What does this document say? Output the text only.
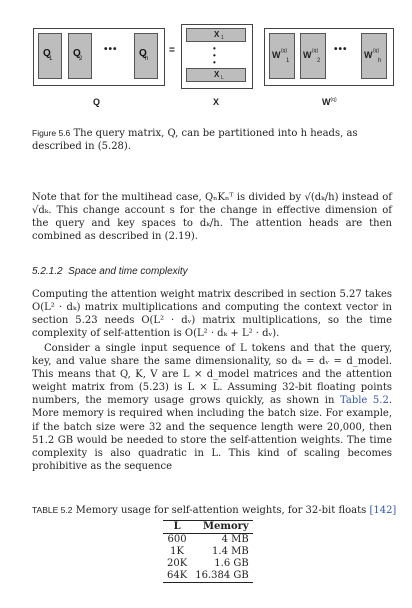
Q
1 Q
2
••• Q
h
=
X 1
•
•
•
X L
W (q)
1
W (q)
2
••• W (q)
h
Q	X	$W^{(q)}$
Figure 5.6 The query matrix, Q, can be partitioned into h heads, as described in (5.28).
Note that for the multihead case, QₙKₙᵀ is divided by √(dₖ/h) instead of √dₖ. This change account s for the change in effective dimension of the query and key spaces to dₖ/h. The attention heads are then combined as described in (2.19).
5.2.1.2 Space and time complexity
Computing the attention weight matrix described in section 5.27 takes O(L² · dₖ) matrix multiplications and computing the context vector in section 5.23 needs O(L² · dᵥ) matrix multiplications, so the time complexity of self-attention is O(L² · dₖ + L² · dᵥ).
Consider a single input sequence of L tokens and that the query, key, and value share the same dimensionality, so dₖ = dᵥ = d_model. This means that Q, K, V are L × d_model matrices and the attention weight matrix from (5.23) is L × L. Assuming 32-bit floating points numbers, the memory usage grows quickly, as shown in Table 5.2. More memory is required when including the batch size. For example, if the batch size were 32 and the sequence length were 20,000, then 51.2 GB would be needed to store the self-attention weights. The time complexity is also quadratic in L. This kind of scaling becomes prohibitive as the sequence
TABLE 5.2 Memory usage for self-attention weights, for 32-bit floats [142]
L	Memory
600	4 MB
1K	1.4 MB
20K	1.6 GB
64K	16.384 GB
